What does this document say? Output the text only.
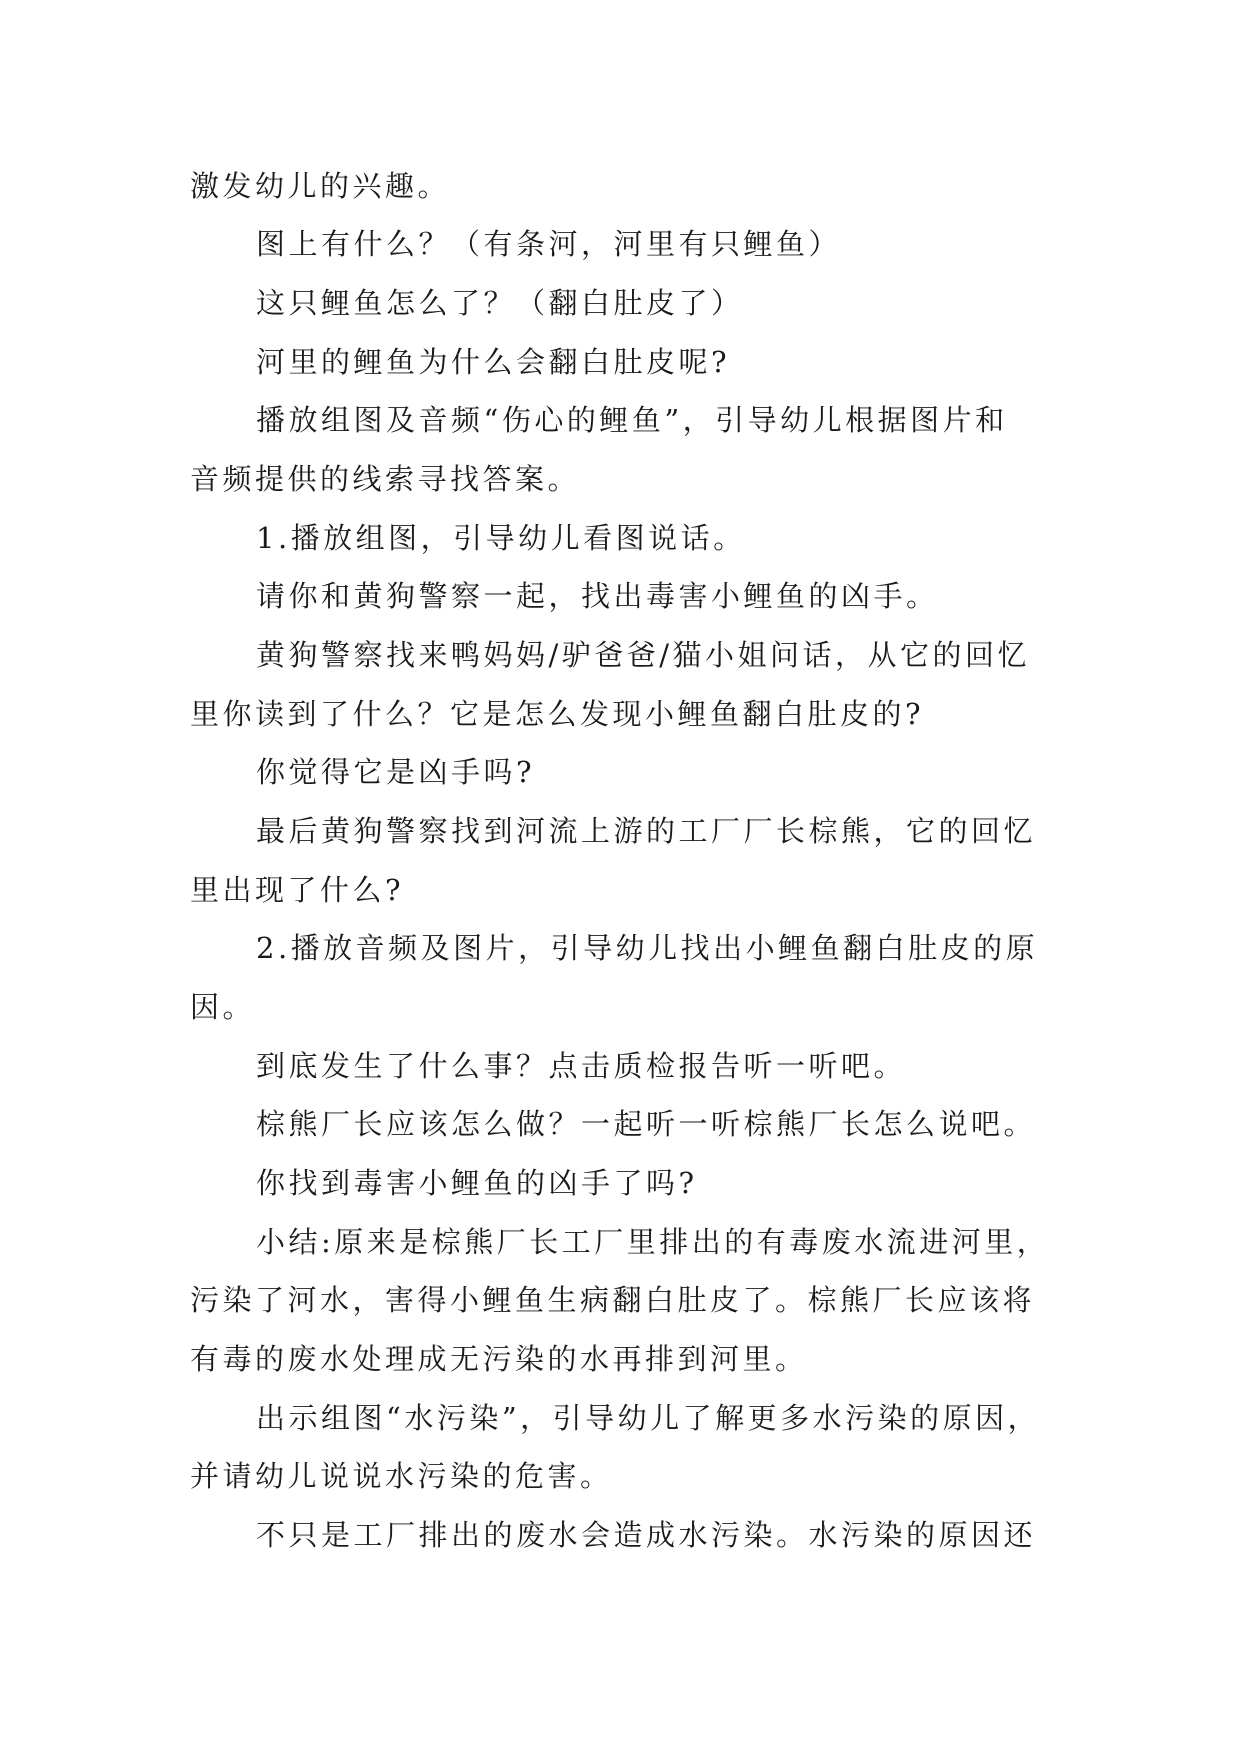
激发幼儿的兴趣。
图上有什么？（有条河，河里有只鲤鱼）
这只鲤鱼怎么了？（翻白肚皮了）
河里的鲤鱼为什么会翻白肚皮呢?
播放组图及音频“伤心的鲤鱼”，引导幼儿根据图片和
音频提供的线索寻找答案。
1.播放组图，引导幼儿看图说话。
请你和黄狗警察一起，找出毒害小鲤鱼的凶手。
黄狗警察找来鸭妈妈/驴爸爸/猫小姐问话，从它的回忆
里你读到了什么？它是怎么发现小鲤鱼翻白肚皮的?
你觉得它是凶手吗?
最后黄狗警察找到河流上游的工厂厂长棕熊，它的回忆
里出现了什么?
2.播放音频及图片，引导幼儿找出小鲤鱼翻白肚皮的原
因。
到底发生了什么事？点击质检报告听一听吧。
棕熊厂长应该怎么做？一起听一听棕熊厂长怎么说吧。
你找到毒害小鲤鱼的凶手了吗?
小结:原来是棕熊厂长工厂里排出的有毒废水流进河里，
污染了河水，害得小鲤鱼生病翻白肚皮了。棕熊厂长应该将
有毒的废水处理成无污染的水再排到河里。
出示组图“水污染”，引导幼儿了解更多水污染的原因，
并请幼儿说说水污染的危害。
不只是工厂排出的废水会造成水污染。水污染的原因还
